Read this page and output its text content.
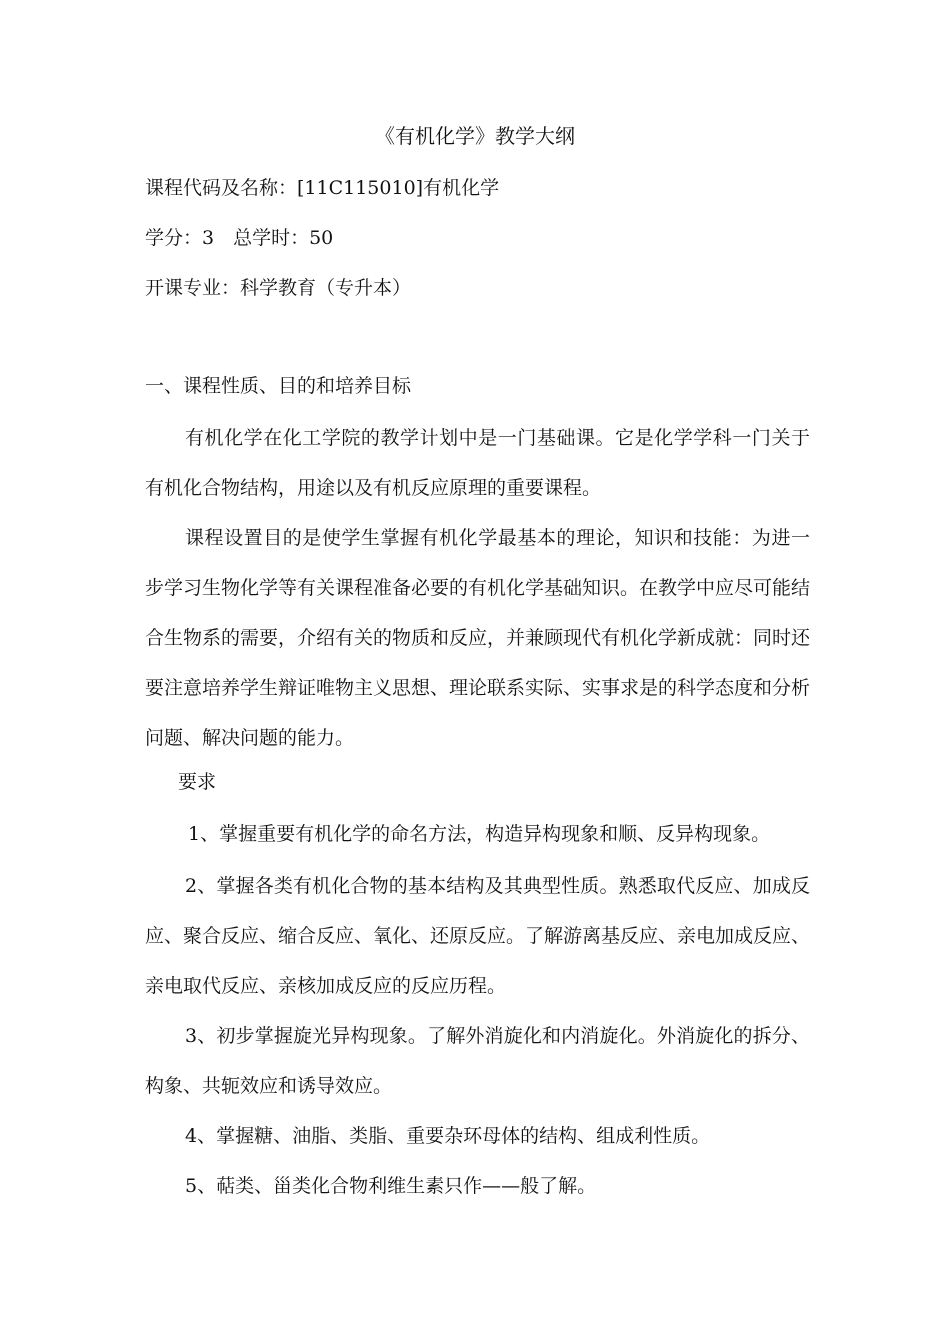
《有机化学》教学大纲
课程代码及名称：[11C115010]有机化学
学分：3　总学时：50
开课专业：科学教育（专升本）
一、课程性质、目的和培养目标
有机化学在化工学院的教学计划中是一门基础课。它是化学学科一门关于有机化合物结构，用途以及有机反应原理的重要课程。
课程设置目的是使学生掌握有机化学最基本的理论，知识和技能：为进一步学习生物化学等有关课程准备必要的有机化学基础知识。在教学中应尽可能结合生物系的需要，介绍有关的物质和反应，并兼顾现代有机化学新成就：同时还要注意培养学生辩证唯物主义思想、理论联系实际、实事求是的科学态度和分析问题、解决问题的能力。
要求
1、掌握重要有机化学的命名方法，构造异构现象和顺、反异构现象。
2、掌握各类有机化合物的基本结构及其典型性质。熟悉取代反应、加成反应、聚合反应、缩合反应、氧化、还原反应。了解游离基反应、亲电加成反应、亲电取代反应、亲核加成反应的反应历程。
3、初步掌握旋光异构现象。了解外消旋化和内消旋化。外消旋化的拆分、构象、共轭效应和诱导效应。
4、掌握糖、油脂、类脂、重要杂环母体的结构、组成利性质。
5、萜类、甾类化合物利维生素只作——般了解。
